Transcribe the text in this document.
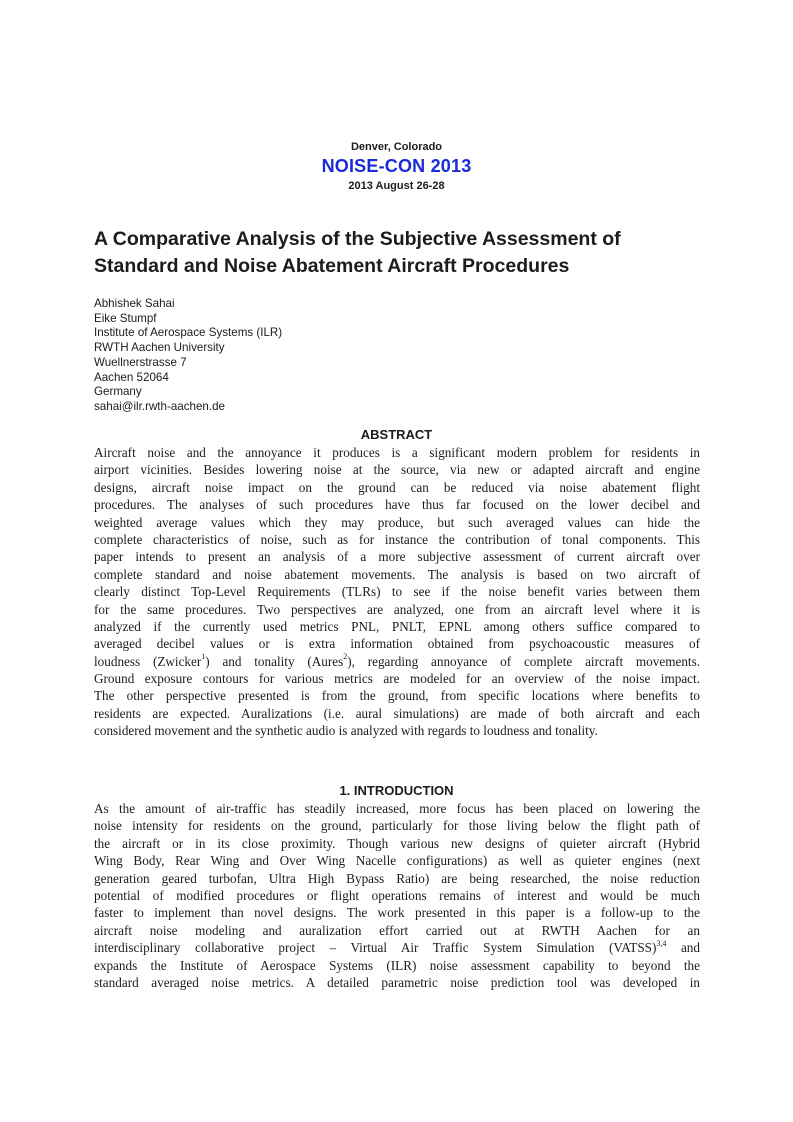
Denver, Colorado
NOISE-CON 2013
2013 August 26-28
A Comparative Analysis of the Subjective Assessment of
Standard and Noise Abatement Aircraft Procedures
Abhishek Sahai
Eike Stumpf
Institute of Aerospace Systems (ILR)
RWTH Aachen University
Wuellnerstrasse 7
Aachen 52064
Germany
sahai@ilr.rwth-aachen.de
ABSTRACT
Aircraft noise and the annoyance it produces is a significant modern problem for residents in
airport vicinities. Besides lowering noise at the source, via new or adapted aircraft and engine
designs, aircraft noise impact on the ground can be reduced via noise abatement flight
procedures. The analyses of such procedures have thus far focused on the lower decibel and
weighted average values which they may produce, but such averaged values can hide the
complete characteristics of noise, such as for instance the contribution of tonal components. This
paper intends to present an analysis of a more subjective assessment of current aircraft over
complete standard and noise abatement movements. The analysis is based on two aircraft of
clearly distinct Top-Level Requirements (TLRs) to see if the noise benefit varies between them
for the same procedures. Two perspectives are analyzed, one from an aircraft level where it is
analyzed if the currently used metrics PNL, PNLT, EPNL among others suffice compared to
averaged decibel values or is extra information obtained from psychoacoustic measures of
loudness (Zwicker$^1$) and tonality (Aures$^2$), regarding annoyance of complete aircraft movements.
Ground exposure contours for various metrics are modeled for an overview of the noise impact.
The other perspective presented is from the ground, from specific locations where benefits to
residents are expected. Auralizations (i.e. aural simulations) are made of both aircraft and each
considered movement and the synthetic audio is analyzed with regards to loudness and tonality.
1. INTRODUCTION
As the amount of air-traffic has steadily increased, more focus has been placed on lowering the
noise intensity for residents on the ground, particularly for those living below the flight path of
the aircraft or in its close proximity. Though various new designs of quieter aircraft (Hybrid
Wing Body, Rear Wing and Over Wing Nacelle configurations) as well as quieter engines (next
generation geared turbofan, Ultra High Bypass Ratio) are being researched, the noise reduction
potential of modified procedures or flight operations remains of interest and would be much
faster to implement than novel designs. The work presented in this paper is a follow-up to the
aircraft noise modeling and auralization effort carried out at RWTH Aachen for an
interdisciplinary collaborative project – Virtual Air Traffic System Simulation (VATSS)$^{3,4}$ and
expands the Institute of Aerospace Systems (ILR) noise assessment capability to beyond the
standard averaged noise metrics. A detailed parametric noise prediction tool was developed in
